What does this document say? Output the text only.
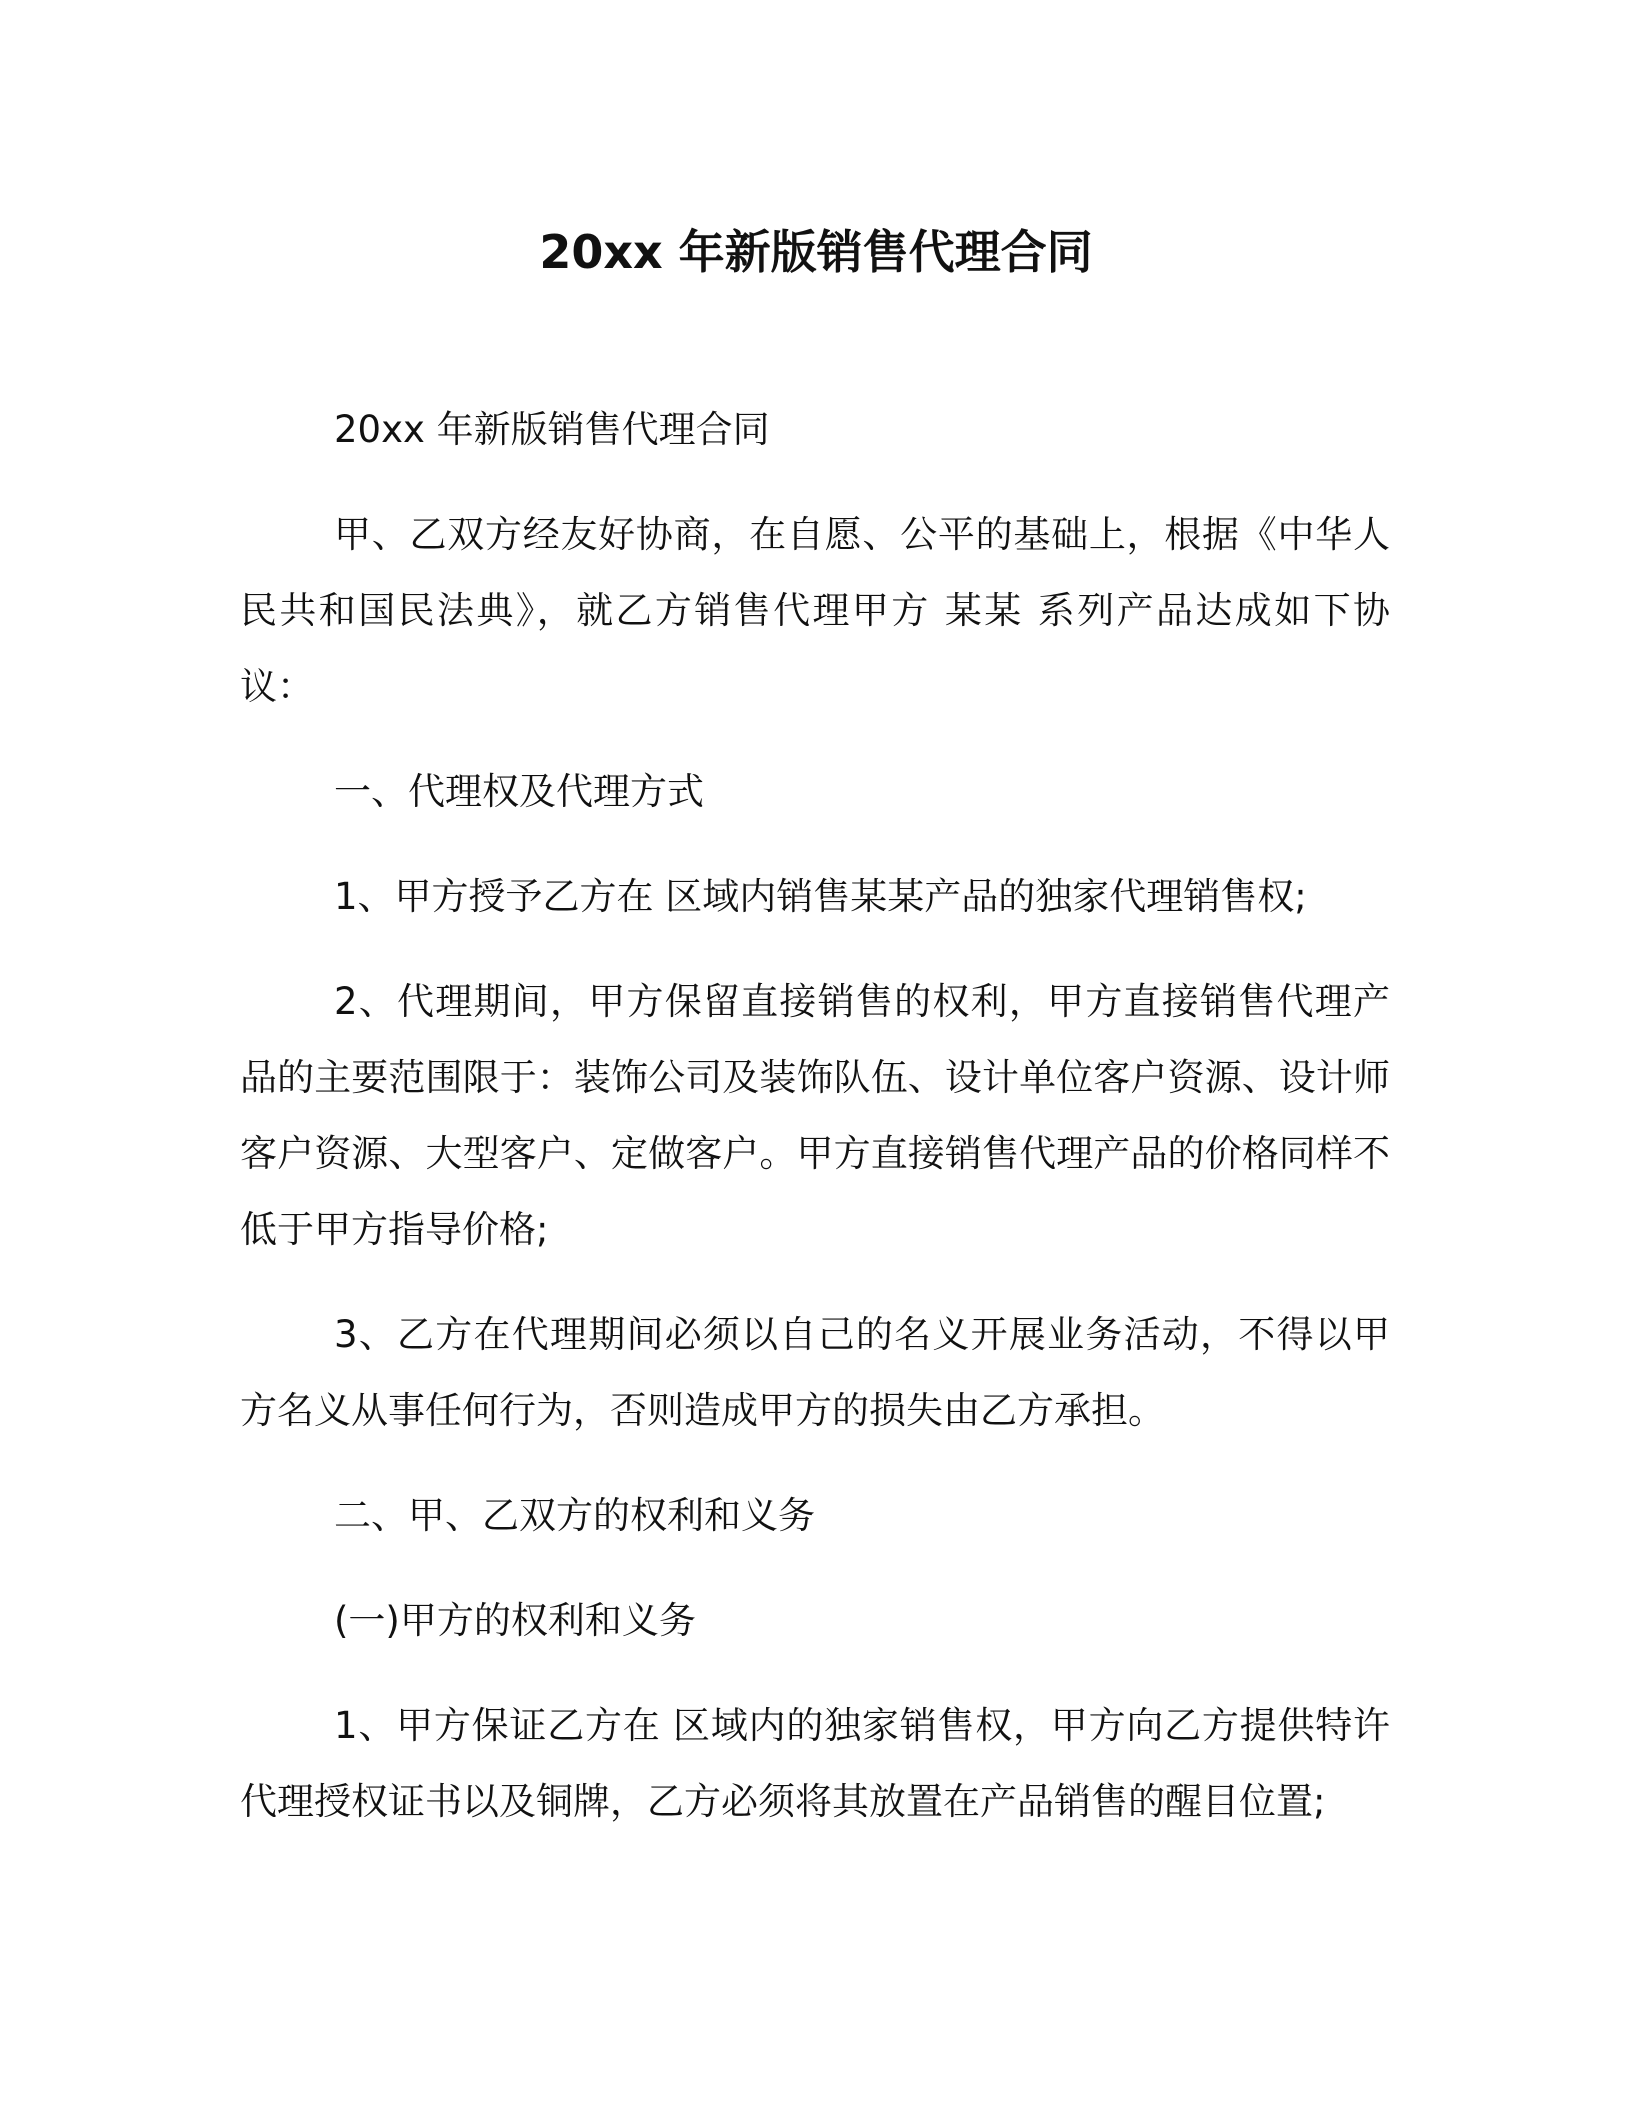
20xx 年新版销售代理合同

20xx 年新版销售代理合同

甲、乙双方经友好协商，在自愿、公平的基础上，根据《中华人民共和国民法典》，就乙方销售代理甲方 某某 系列产品达成如下协议：

一、代理权及代理方式

1、甲方授予乙方在 区域内销售某某产品的独家代理销售权;

2、代理期间，甲方保留直接销售的权利，甲方直接销售代理产品的主要范围限于：装饰公司及装饰队伍、设计单位客户资源、设计师客户资源、大型客户、定做客户。甲方直接销售代理产品的价格同样不低于甲方指导价格;

3、乙方在代理期间必须以自己的名义开展业务活动，不得以甲方名义从事任何行为，否则造成甲方的损失由乙方承担。

二、甲、乙双方的权利和义务

(一)甲方的权利和义务

1、甲方保证乙方在 区域内的独家销售权，甲方向乙方提供特许代理授权证书以及铜牌，乙方必须将其放置在产品销售的醒目位置;
